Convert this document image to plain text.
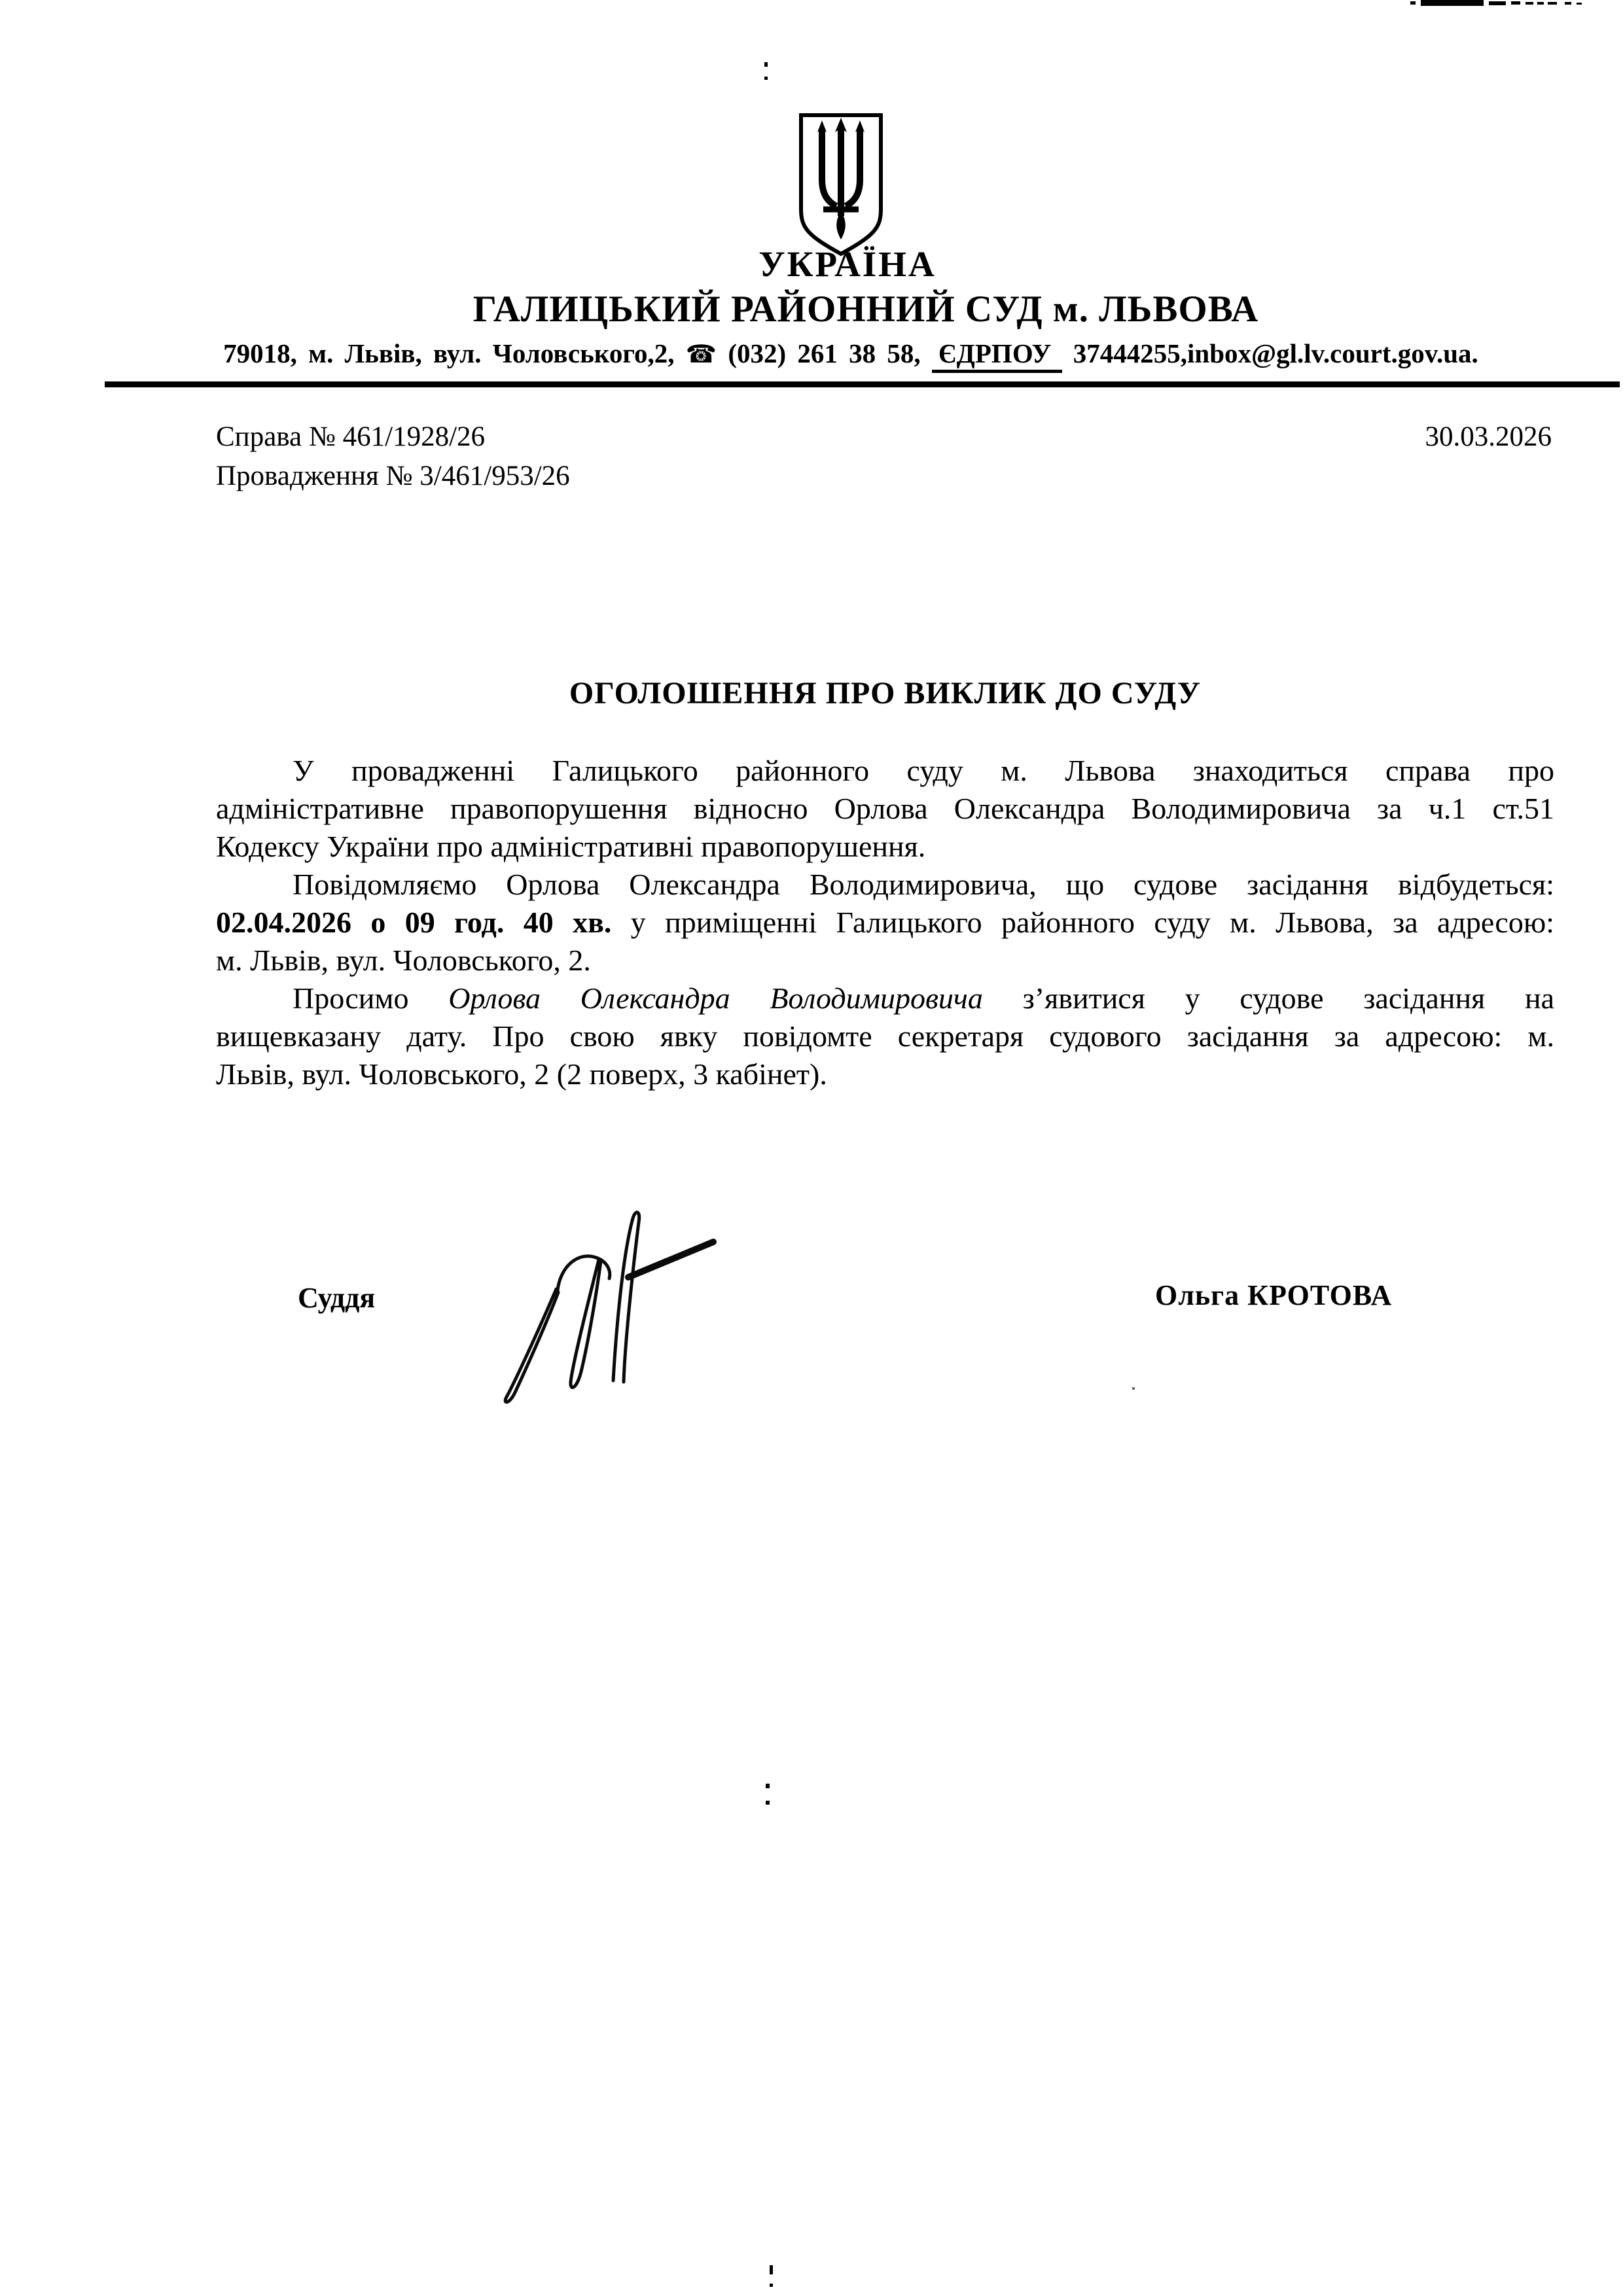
УКРАЇНА
ГАЛИЦЬКИЙ РАЙОННИЙ СУД м. ЛЬВОВА
79018, м. Львів, вул. Чоловського,2, ☎ (032) 261 38 58, ЄДРПОУ 37444255,inbox@gl.lv.court.gov.ua.
Справа № 461/1928/26
Провадження № 3/461/953/26
30.03.2026
ОГОЛОШЕННЯ ПРО ВИКЛИК ДО СУДУ
У провадженні Галицького районного суду м. Львова знаходиться справа про
адміністративне правопорушення відносно Орлова Олександра Володимировича за ч.1 ст.51
Кодексу України про адміністративні правопорушення.
Повідомляємо Орлова Олександра Володимировича, що судове засідання відбудеться:
02.04.2026 о 09 год. 40 хв. у приміщенні Галицького районного суду м. Львова, за адресою:
м. Львів, вул. Чоловського, 2.
Просимо Орлова Олександра Володимировича з’явитися у судове засідання на
вищевказану дату. Про свою явку повідомте секретаря судового засідання за адресою: м.
Львів, вул. Чоловського, 2 (2 поверх, 3 кабінет).
Суддя	Ольга КРОТОВА
